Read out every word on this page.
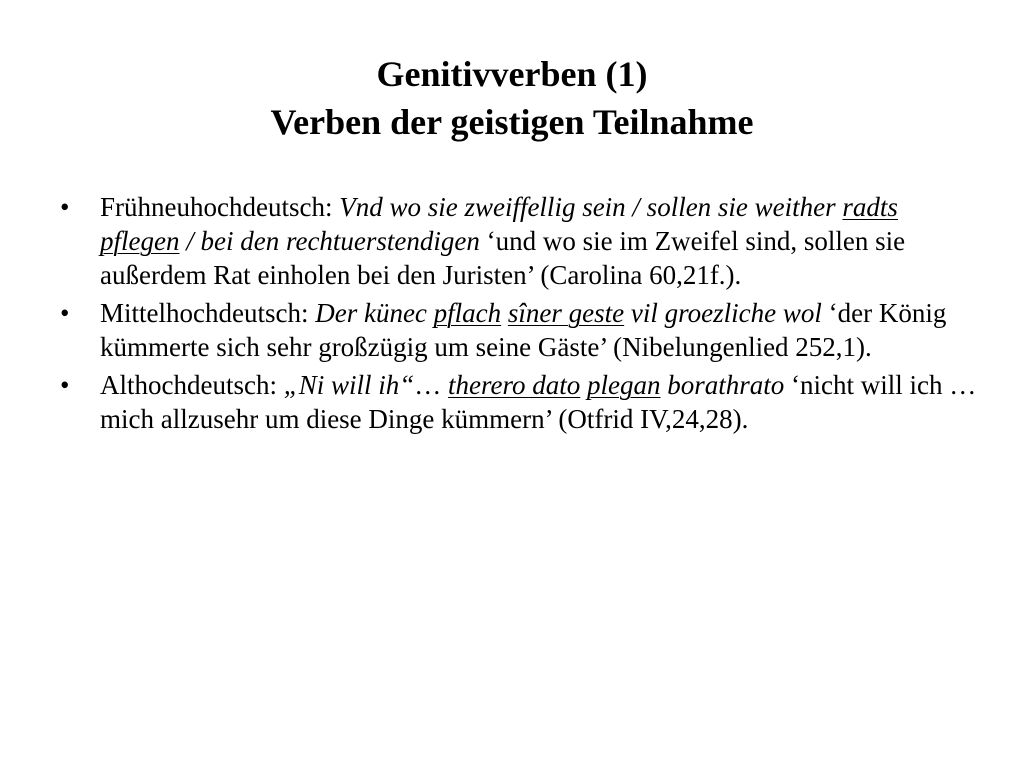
Genitivverben (1)
Verben der geistigen Teilnahme
• Frühneuhochdeutsch: Vnd wo sie zweiffellig sein / sollen sie weither radts pflegen / bei den rechtuerstendigen ‘und wo sie im Zweifel sind, sollen sie außerdem Rat einholen bei den Juristen’ (Carolina 60,21f.).
• Mittelhochdeutsch: Der künec pflach sîner geste vil groezliche wol ‘der König kümmerte sich sehr großzügig um seine Gäste’ (Nibelungenlied 252,1).
• Althochdeutsch: „Ni will ih“… therero dato plegan borathrato ‘nicht will ich … mich allzusehr um diese Dinge kümmern’ (Otfrid IV,24,28).
